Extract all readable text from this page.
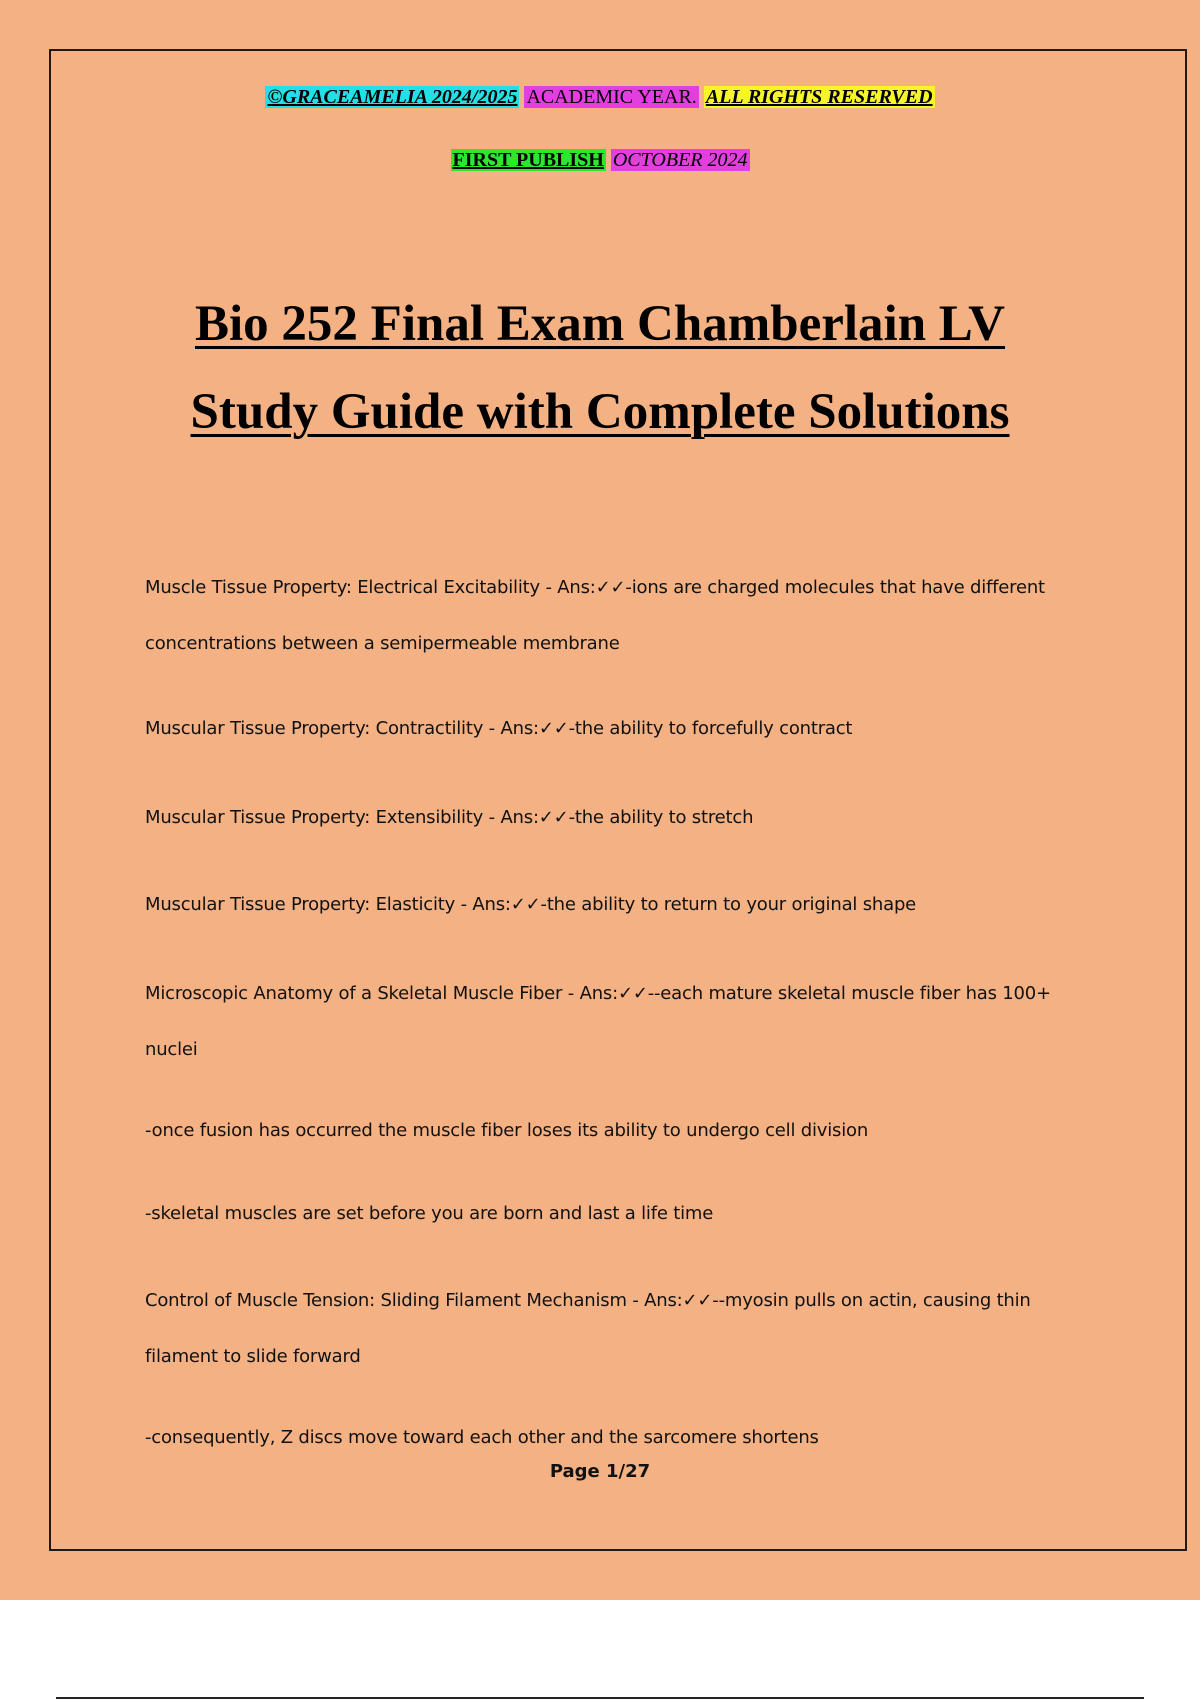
©GRACEAMELIA 2024/2025 ACADEMIC YEAR. ALL RIGHTS RESERVED
FIRST PUBLISH OCTOBER 2024
Bio 252 Final Exam Chamberlain LV
Study Guide with Complete Solutions
Muscle Tissue Property: Electrical Excitability - Ans:✓✓-ions are charged molecules that have different
concentrations between a semipermeable membrane
Muscular Tissue Property: Contractility - Ans:✓✓-the ability to forcefully contract
Muscular Tissue Property: Extensibility - Ans:✓✓-the ability to stretch
Muscular Tissue Property: Elasticity - Ans:✓✓-the ability to return to your original shape
Microscopic Anatomy of a Skeletal Muscle Fiber - Ans:✓✓--each mature skeletal muscle fiber has 100+
nuclei
-once fusion has occurred the muscle fiber loses its ability to undergo cell division
-skeletal muscles are set before you are born and last a life time
Control of Muscle Tension: Sliding Filament Mechanism - Ans:✓✓--myosin pulls on actin, causing thin
filament to slide forward
-consequently, Z discs move toward each other and the sarcomere shortens
Page 1/27
